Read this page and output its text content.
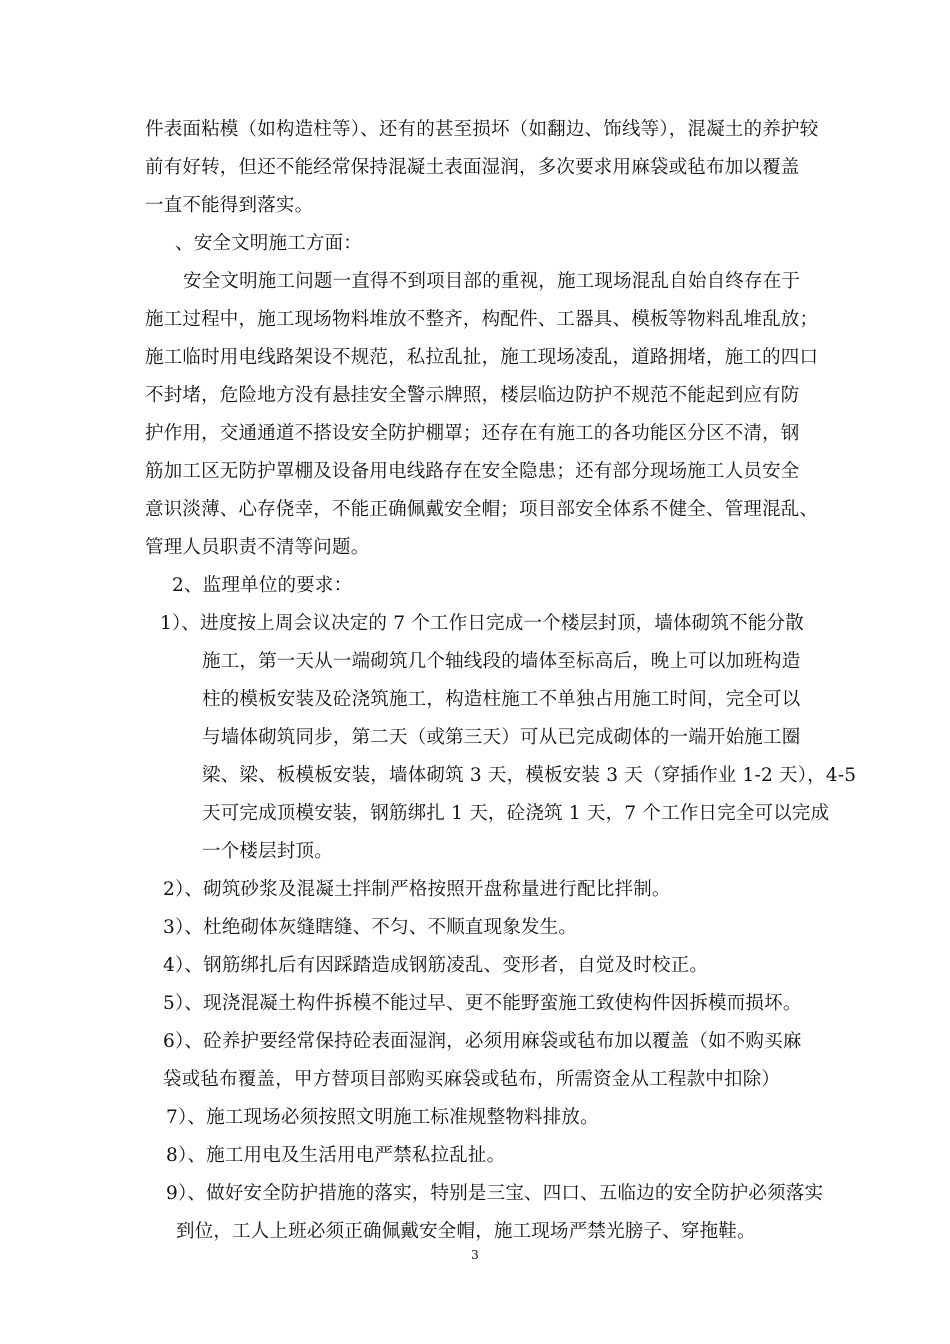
件表面粘模（如构造柱等）、还有的甚至损坏（如翻边、饰线等），混凝土的养护较
前有好转，但还不能经常保持混凝土表面湿润，多次要求用麻袋或毡布加以覆盖
一直不能得到落实。
、安全文明施工方面：
安全文明施工问题一直得不到项目部的重视，施工现场混乱自始自终存在于
施工过程中，施工现场物料堆放不整齐，构配件、工器具、模板等物料乱堆乱放；
施工临时用电线路架设不规范，私拉乱扯，施工现场凌乱，道路拥堵，施工的四口
不封堵，危险地方没有悬挂安全警示牌照，楼层临边防护不规范不能起到应有防
护作用，交通通道不搭设安全防护棚罩；还存在有施工的各功能区分区不清，钢
筋加工区无防护罩棚及设备用电线路存在安全隐患；还有部分现场施工人员安全
意识淡薄、心存侥幸，不能正确佩戴安全帽；项目部安全体系不健全、管理混乱、
管理人员职责不清等问题。
2、监理单位的要求：
1）、进度按上周会议决定的 7 个工作日完成一个楼层封顶，墙体砌筑不能分散
施工，第一天从一端砌筑几个轴线段的墙体至标高后，晚上可以加班构造
柱的模板安装及砼浇筑施工，构造柱施工不单独占用施工时间，完全可以
与墙体砌筑同步，第二天（或第三天）可从已完成砌体的一端开始施工圈
梁、梁、板模板安装，墙体砌筑 3 天，模板安装 3 天（穿插作业 1-2 天），4-5
天可完成顶模安装，钢筋绑扎 1 天，砼浇筑 1 天，7 个工作日完全可以完成
一个楼层封顶。
2）、砌筑砂浆及混凝土拌制严格按照开盘称量进行配比拌制。
3）、杜绝砌体灰缝瞎缝、不匀、不顺直现象发生。
4）、钢筋绑扎后有因踩踏造成钢筋凌乱、变形者，自觉及时校正。
5）、现浇混凝土构件拆模不能过早、更不能野蛮施工致使构件因拆模而损坏。
6）、砼养护要经常保持砼表面湿润，必须用麻袋或毡布加以覆盖（如不购买麻
袋或毡布覆盖，甲方替项目部购买麻袋或毡布，所需资金从工程款中扣除）
7）、施工现场必须按照文明施工标准规整物料排放。
8）、施工用电及生活用电严禁私拉乱扯。
9）、做好安全防护措施的落实，特别是三宝、四口、五临边的安全防护必须落实
到位，工人上班必须正确佩戴安全帽，施工现场严禁光膀子、穿拖鞋。
3
